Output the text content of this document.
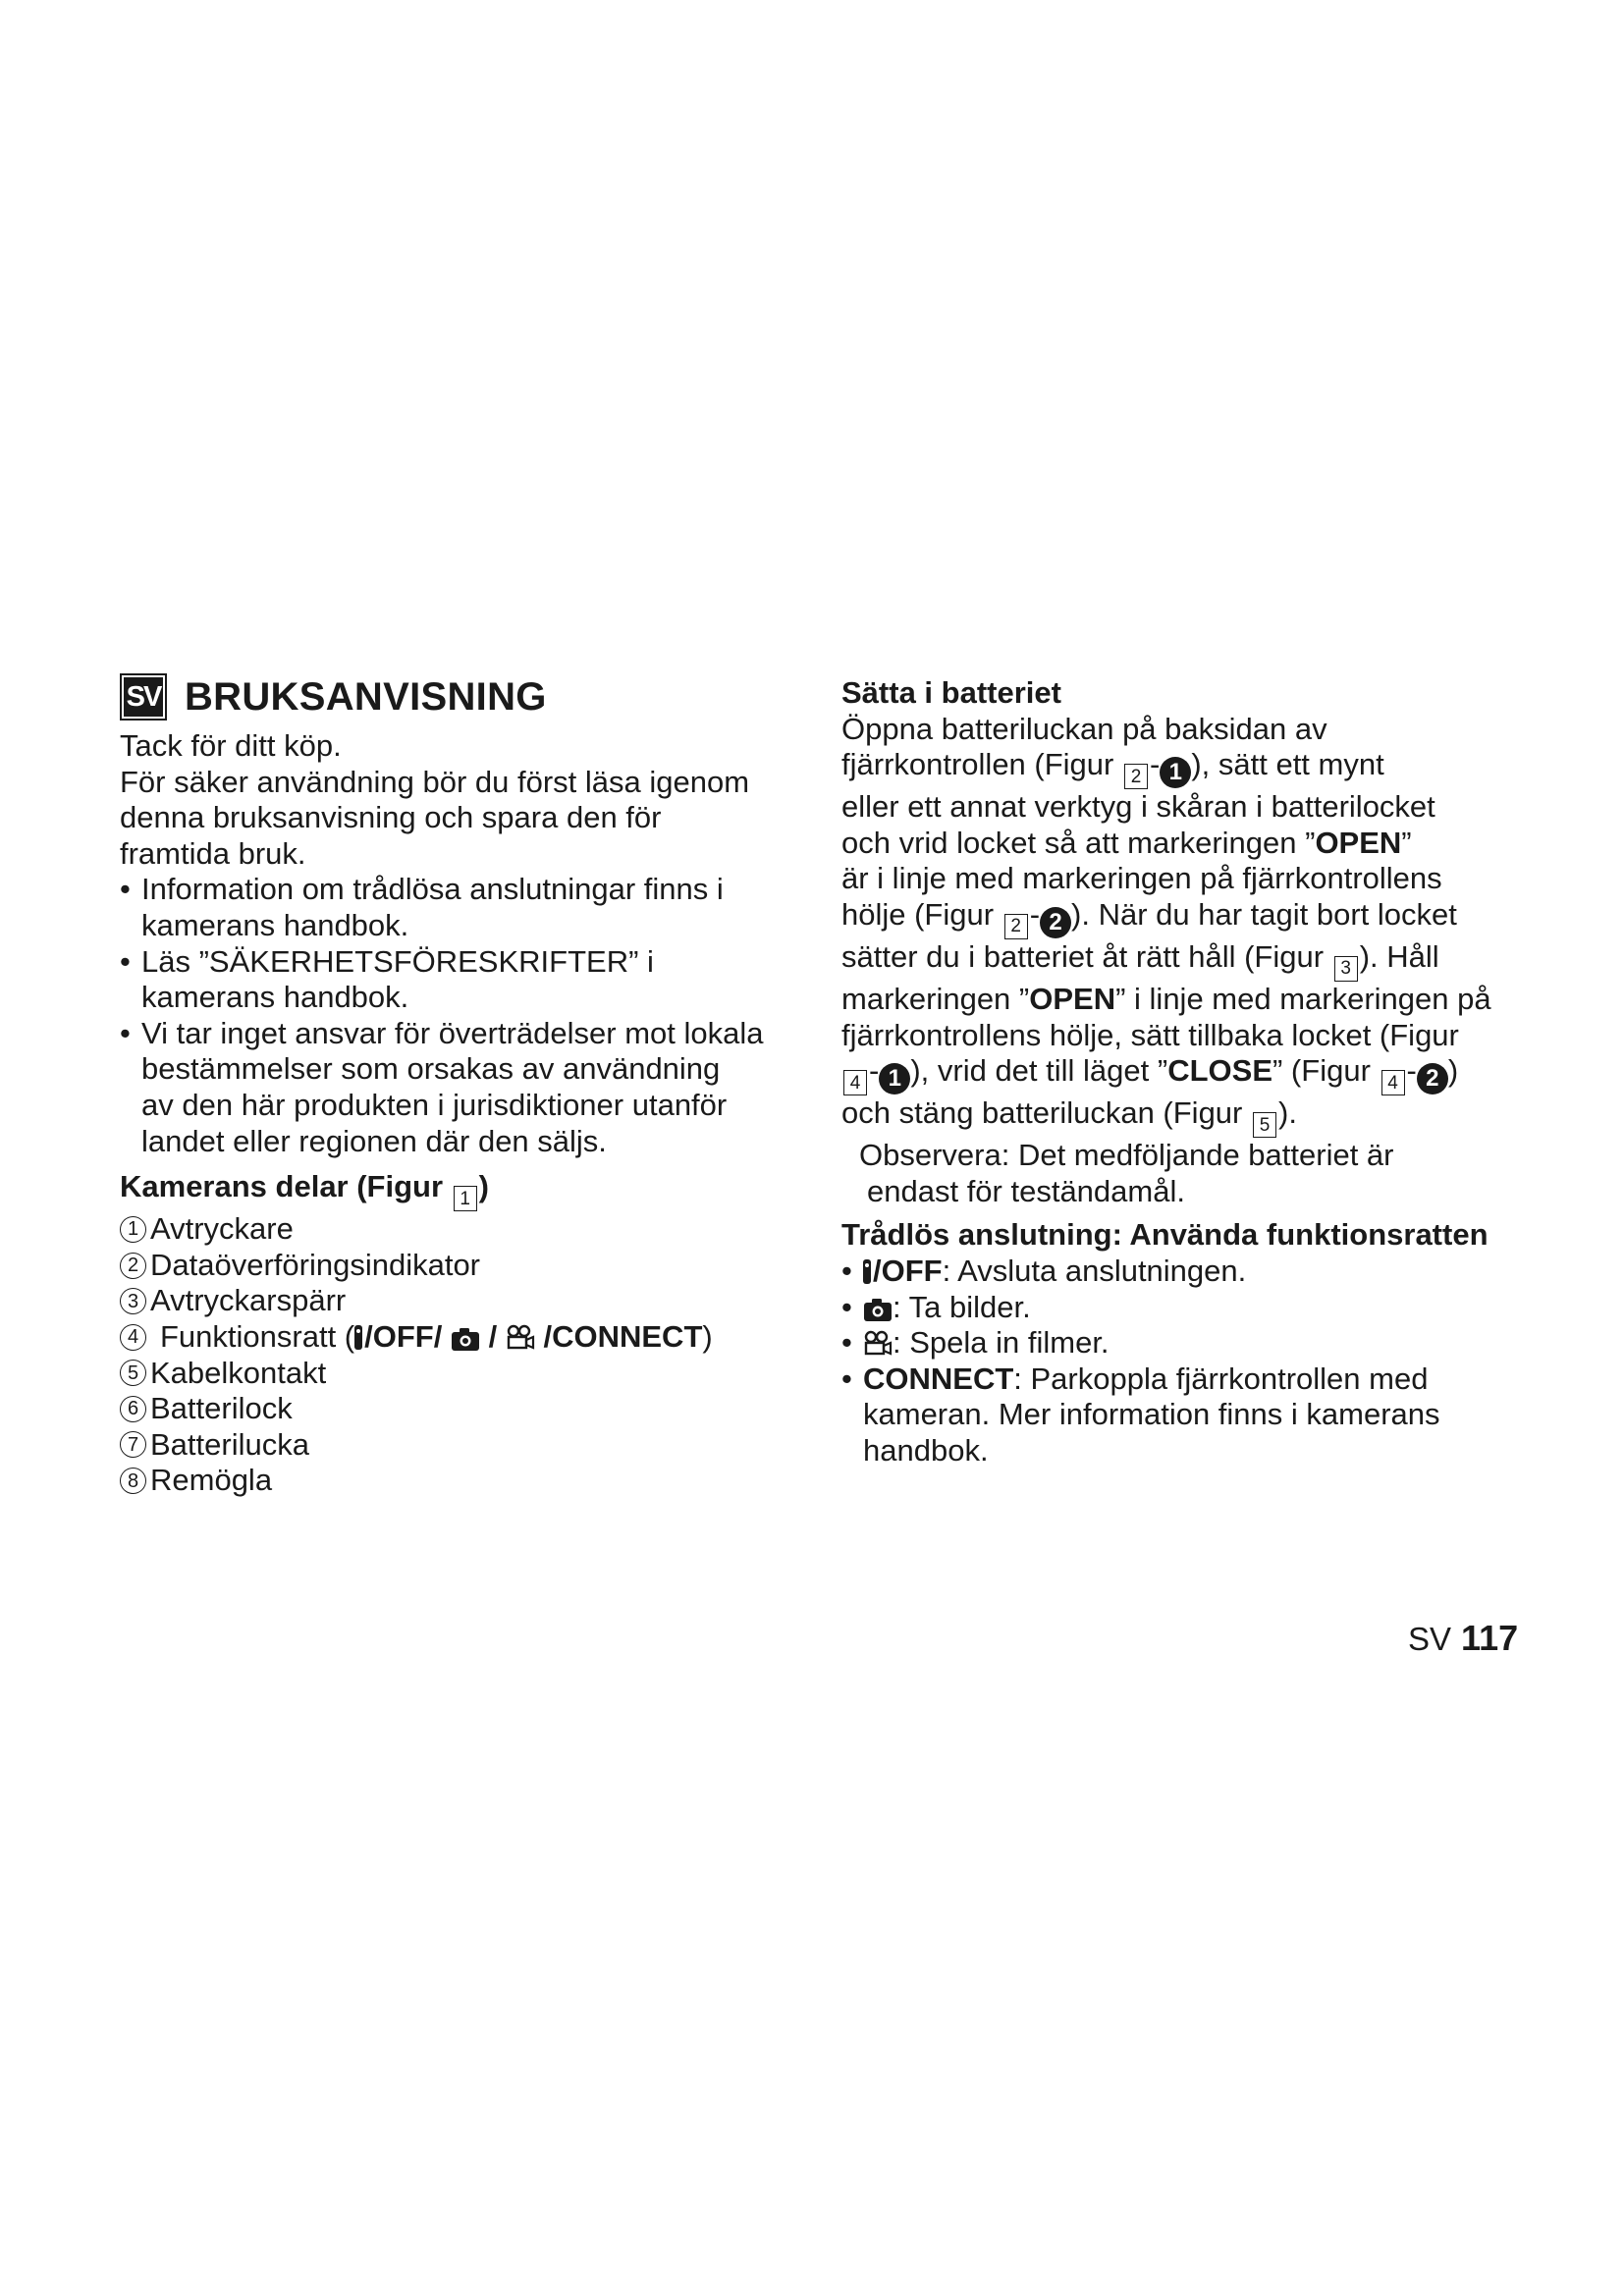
SV BRUKSANVISNING

Tack för ditt köp.

För säker användning bör du först läsa igenom

denna bruksanvisning och spara den för

framtida bruk.

• Information om trådlösa anslutningar finns i
kamerans handbok.
• Läs ”SÄKERHETSFÖRESKRIFTER” i
kamerans handbok.
• Vi tar inget ansvar för överträdelser mot lokala
bestämmelser som orsakas av användning
av den här produkten i jurisdiktioner utanför
landet eller regionen där den säljs.

Kamerans delar (Figur 1 )

1 Avtryckare
2 Dataöverföringsindikator
3 Avtryckarspärr
4 Funktionsratt ( /OFF/ / /CONNECT )
5 Kabelkontakt
6 Batterilock
7 Batterilucka
8 Remögla

Sätta i batteriet

Öppna batteriluckan på baksidan av

fjärrkontrollen (Figur 2 - 1 ), sätt ett mynt

eller ett annat verktyg i skåran i batterilocket

och vrid locket så att markeringen ”OPEN”

är i linje med markeringen på fjärrkontrollens

hölje (Figur 2 - 2 ). När du har tagit bort locket

sätter du i batteriet åt rätt håll (Figur 3 ). Håll

markeringen ”OPEN” i linje med markeringen på

fjärrkontrollens hölje, sätt tillbaka locket (Figur

4 - 1 ), vrid det till läget ”CLOSE” (Figur 4 - 2 )

och stäng batteriluckan (Figur 5 ).

Observera: Det medföljande batteriet är

endast för teständamål.

Trådlös anslutning: Använda funktionsratten

• /OFF: Avsluta anslutningen.
•	: Ta bilder.
•	: Spela in filmer.
• CONNECT: Parkoppla fjärrkontrollen med
kameran. Mer information finns i kamerans
handbok.
SV 117
